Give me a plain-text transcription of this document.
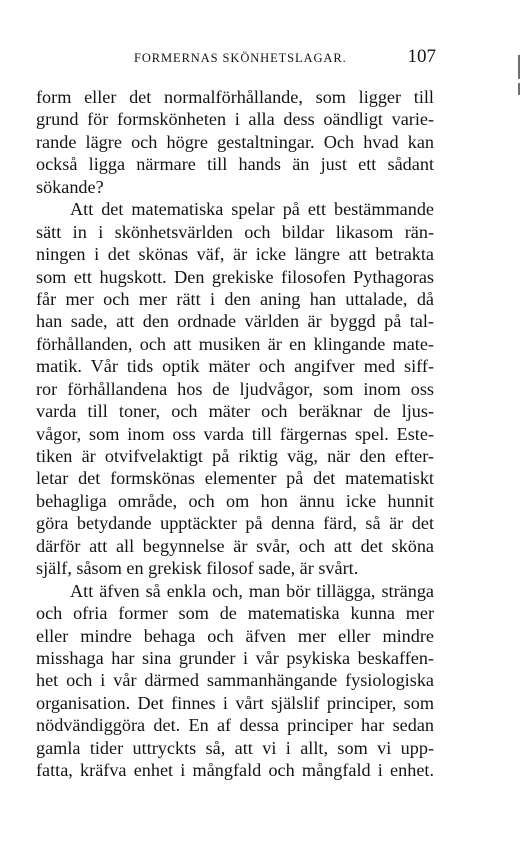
FORMERNAS SKÖNHETSLAGAR.	107
form eller det normalförhållande, som ligger till
grund för formskönheten i alla dess oändligt varie-
rande lägre och högre gestaltningar. Och hvad kan
också ligga närmare till hands än just ett sådant
sökande?
Att det matematiska spelar på ett bestämmande
sätt in i skönhetsvärlden och bildar likasom rän-
ningen i det skönas väf, är icke längre att betrakta
som ett hugskott. Den grekiske filosofen Pythagoras
får mer och mer rätt i den aning han uttalade, då
han sade, att den ordnade världen är byggd på tal-
förhållanden, och att musiken är en klingande mate-
matik. Vår tids optik mäter och angifver med siff-
ror förhållandena hos de ljudvågor, som inom oss
varda till toner, och mäter och beräknar de ljus-
vågor, som inom oss varda till färgernas spel. Este-
tiken är otvifvelaktigt på riktig väg, när den efter-
letar det formskönas elementer på det matematiskt
behagliga område, och om hon ännu icke hunnit
göra betydande upptäckter på denna färd, så är det
därför att all begynnelse är svår, och att det sköna
själf, såsom en grekisk filosof sade, är svårt.
Att äfven så enkla och, man bör tillägga, stränga
och ofria former som de matematiska kunna mer
eller mindre behaga och äfven mer eller mindre
misshaga har sina grunder i vår psykiska beskaffen-
het och i vår därmed sammanhängande fysiologiska
organisation. Det finnes i vårt själslif principer, som
nödvändiggöra det. En af dessa principer har sedan
gamla tider uttryckts så, att vi i allt, som vi upp-
fatta, kräfva enhet i mångfald och mångfald i enhet.
